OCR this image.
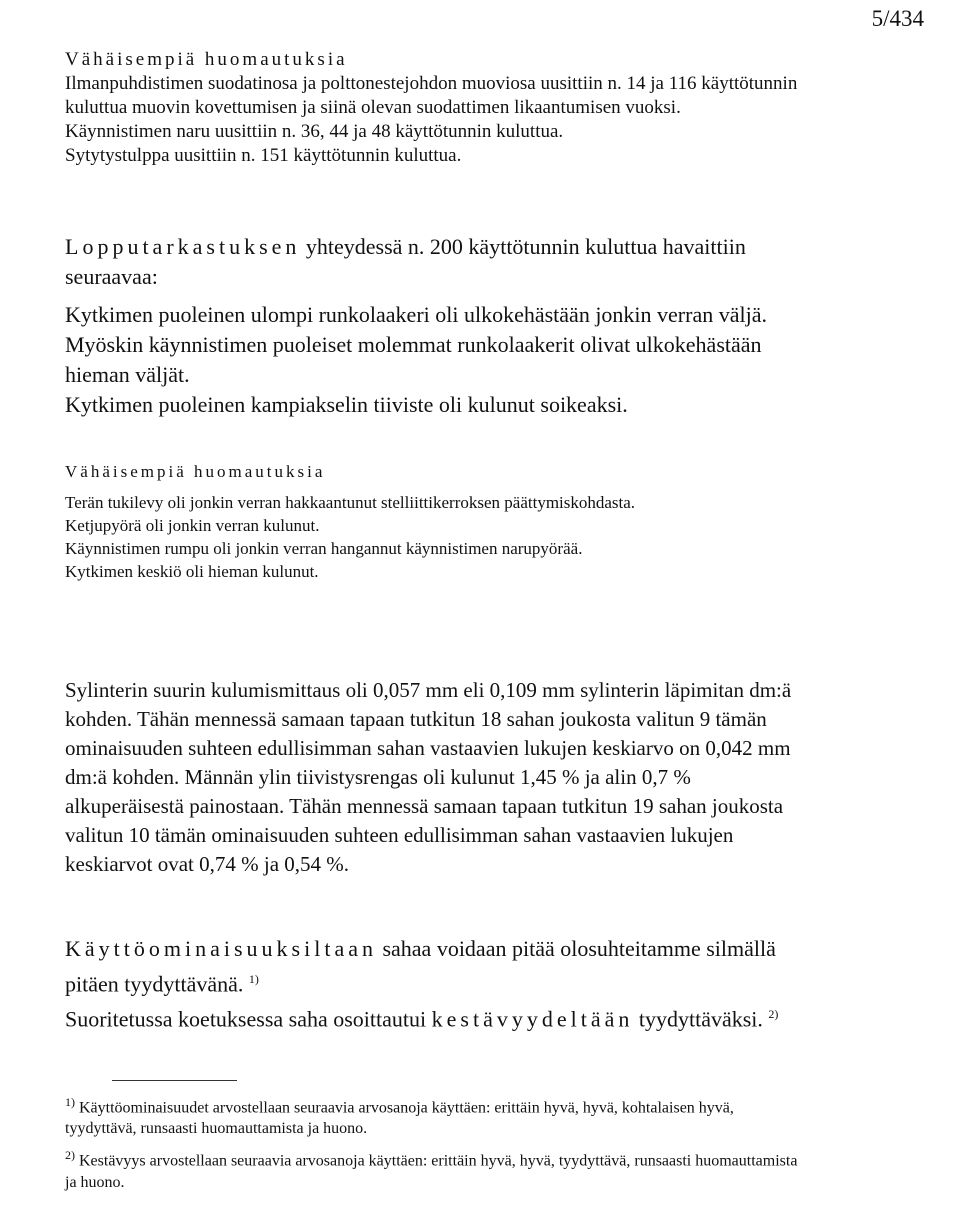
5/434

Vähäisempiä huomautuksia

Ilmanpuhdistimen suodatinosa ja polttonestejohdon muoviosa uusittiin n. 14 ja 116 käyttötunnin kuluttua muovin kovettumisen ja siinä olevan suodattimen likaantumisen vuoksi.

Käynnistimen naru uusittiin n. 36, 44 ja 48 käyttötunnin kuluttua.

Sytytystulppa uusittiin n. 151 käyttötunnin kuluttua.

Lopputarkastuksen yhteydessä n. 200 käyttötunnin kuluttua havaittiin seuraavaa:

Kytkimen puoleinen ulompi runkolaakeri oli ulkokehästään jonkin verran väljä.

Myöskin käynnistimen puoleiset molemmat runkolaakerit olivat ulkokehästään hieman väljät.

Kytkimen puoleinen kampiakselin tiiviste oli kulunut soikeaksi.

Vähäisempiä huomautuksia

Terän tukilevy oli jonkin verran hakkaantunut stelliittikerroksen päättymiskohdasta.

Ketjupyörä oli jonkin verran kulunut.

Käynnistimen rumpu oli jonkin verran hangannut käynnistimen narupyörää.

Kytkimen keskiö oli hieman kulunut.

Sylinterin suurin kulumismittaus oli 0,057 mm eli 0,109 mm sylinterin läpimitan dm:ä kohden. Tähän mennessä samaan tapaan tutkitun 18 sahan joukosta valitun 9 tämän ominaisuuden suhteen edullisimman sahan vastaavien lukujen keskiarvo on 0,042 mm dm:ä kohden. Männän ylin tiivistysrengas oli kulunut 1,45 % ja alin 0,7 % alkuperäisestä painostaan. Tähän mennessä samaan tapaan tutkitun 19 sahan joukosta valitun 10 tämän ominaisuuden suhteen edullisimman sahan vastaavien lukujen keskiarvot ovat 0,74 % ja 0,54 %.

Käyttöominaisuuksiltaan sahaa voidaan pitää olosuhteitamme silmällä pitäen tyydyttävänä. $^{1)}$

Suoritetussa koetuksessa saha osoittautui kestävyydeltään tyydyttäväksi. $^{2)}$

$^{1)}$ Käyttöominaisuudet arvostellaan seuraavia arvosanoja käyttäen: erittäin hyvä, hyvä, kohtalaisen hyvä, tyydyttävä, runsaasti huomauttamista ja huono.

$^{2)}$ Kestävyys arvostellaan seuraavia arvosanoja käyttäen: erittäin hyvä, hyvä, tyydyttävä, runsaasti huomauttamista ja huono.
